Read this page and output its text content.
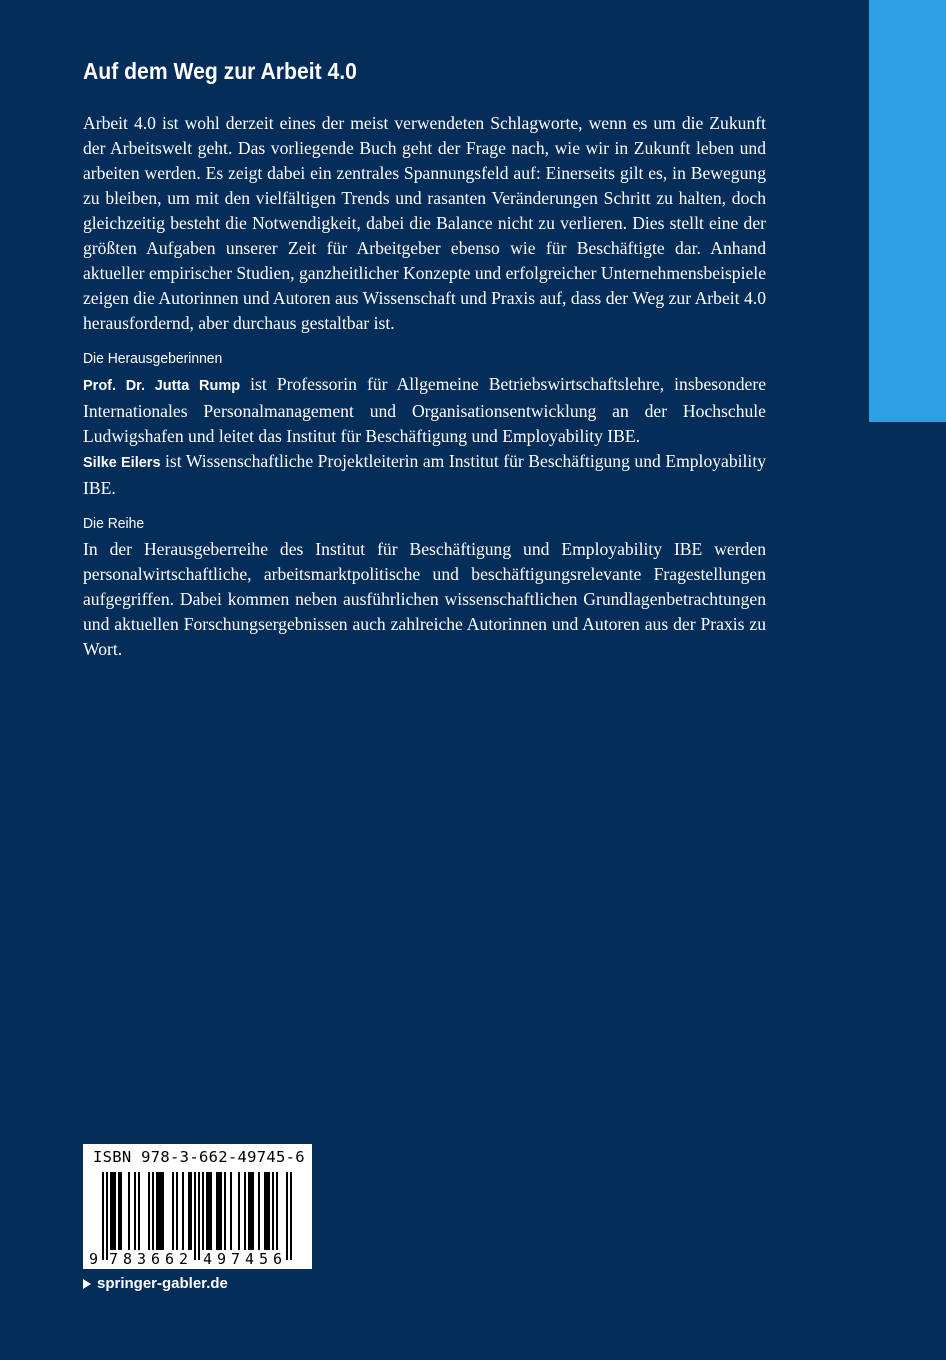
Auf dem Weg zur Arbeit 4.0

Arbeit 4.0 ist wohl derzeit eines der meist verwendeten Schlagworte, wenn es um die Zukunft der Arbeitswelt geht. Das vorliegende Buch geht der Frage nach, wie wir in Zukunft leben und arbeiten werden. Es zeigt dabei ein zentrales Spannungsfeld auf: Einerseits gilt es, in Bewegung zu bleiben, um mit den vielfältigen Trends und rasanten Veränderungen Schritt zu halten, doch gleichzeitig besteht die Notwendigkeit, dabei die Balance nicht zu verlieren. Dies stellt eine der größten Aufgaben unserer Zeit für Arbeitgeber ebenso wie für Beschäftigte dar. Anhand aktueller empirischer Studien, ganzheitlicher Konzepte und erfolgreicher Unternehmensbeispiele zeigen die Autorinnen und Autoren aus Wissenschaft und Praxis auf, dass der Weg zur Arbeit 4.0 herausfordernd, aber durchaus gestaltbar ist.

Die Herausgeberinnen

Prof. Dr. Jutta Rump ist Professorin für Allgemeine Betriebswirtschaftslehre, insbesondere Internationales Personalmanagement und Organisationsentwicklung an der Hochschule Ludwigshafen und leitet das Institut für Beschäftigung und Employability IBE.
Silke Eilers ist Wissenschaftliche Projektleiterin am Institut für Beschäftigung und Employability IBE.

Die Reihe

In der Herausgeberreihe des Institut für Beschäftigung und Employability IBE werden personalwirtschaftliche, arbeitsmarktpolitische und beschäftigungsrelevante Fragestellungen aufgegriffen. Dabei kommen neben ausführlichen wissenschaftlichen Grundlagenbetrachtungen und aktuellen Forschungsergebnissen auch zahlreiche Autorinnen und Autoren aus der Praxis zu Wort.

9 7 8 3 6 6 2 4 9 7 4 5 6
ISBN 978-3-662-49745-6
springer-gabler.de
